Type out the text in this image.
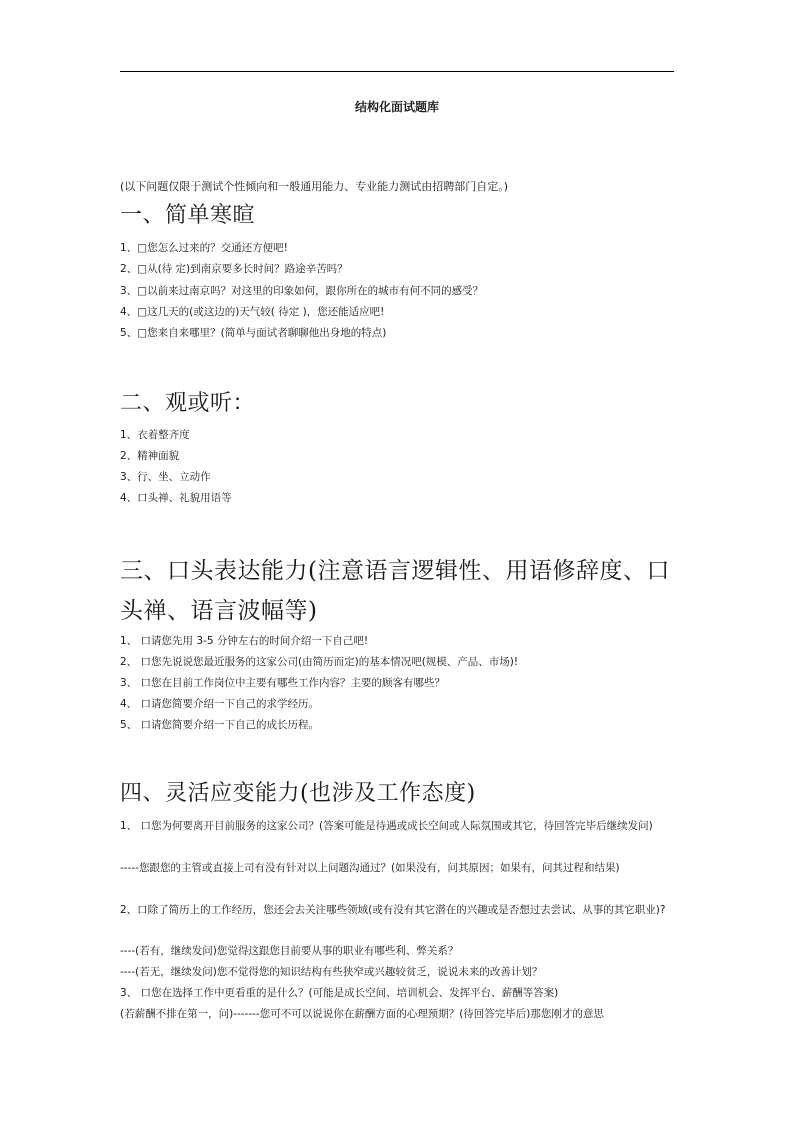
结构化面试题库
(以下问题仅限于测试个性倾向和一般通用能力、专业能力测试由招聘部门自定。)
一、简单寒暄
1、□您怎么过来的？交通还方便吧!
2、□从(待 定)到南京要多长时间？路途辛苦吗？
3、□以前来过南京吗？对这里的印象如何，跟你所在的城市有何不同的感受？
4、□这几天的(或这边的)天气较( 待定 )，您还能适应吧!
5、□您来自来哪里？(简单与面试者聊聊他出身地的特点)
二、观或听：
1、衣着整齐度
2、精神面貌
3、行、坐、立动作
4、口头禅、礼貌用语等
三、口头表达能力(注意语言逻辑性、用语修辞度、口头禅、语言波幅等)
1、 口请您先用 3-5 分钟左右的时间介绍一下自己吧!
2、 口您先说说您最近服务的这家公司(由简历而定)的基本情况吧(规模、产品、市场)!
3、 口您在目前工作岗位中主要有哪些工作内容？主要的顾客有哪些？
4、 口请您简要介绍一下自己的求学经历。
5、 口请您简要介绍一下自己的成长历程。
四、灵活应变能力(也涉及工作态度)
1、 口您为何要离开目前服务的这家公司？(答案可能是待遇或成长空间或人际氛围或其它，待回答完毕后继续发问)
-----您跟您的主管或直接上司有没有针对以上问题沟通过？(如果没有，问其原因；如果有，问其过程和结果)
2、口除了简历上的工作经历，您还会去关注哪些领域(或有没有其它潜在的兴趣或是否想过去尝试、从事的其它职业)?
----(若有，继续发问)您觉得这跟您目前要从事的职业有哪些利、弊关系？
----(若无，继续发问)您不觉得您的知识结构有些狭窄或兴趣较贫乏，说说未来的改善计划？
3、 口您在选择工作中更看重的是什么？(可能是成长空间、培训机会、发挥平台、薪酬等答案)
(若薪酬不排在第一，问)-------您可不可以说说你在薪酬方面的心理预期？(待回答完毕后)那您刚才的意思
